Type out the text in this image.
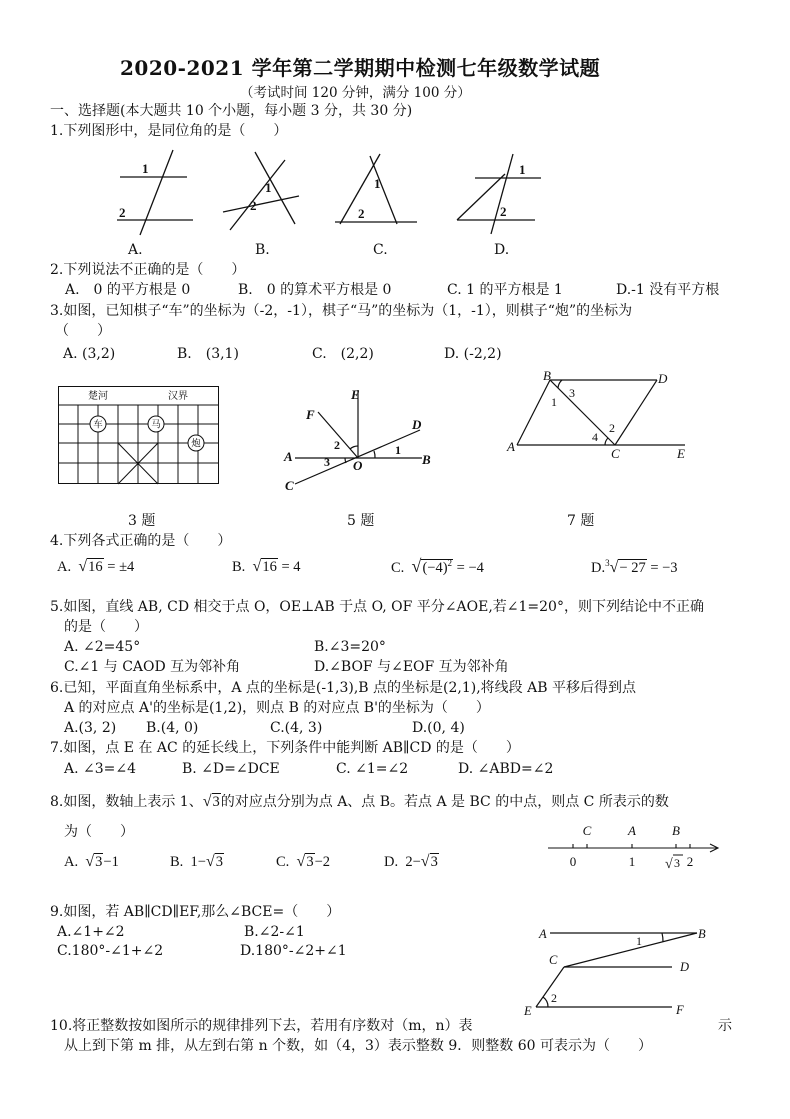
2020-2021 学年第二学期期中检测七年级数学试题
（考试时间 120 分钟，满分 100 分）
一、选择题(本大题共 10 个小题，每小题 3 分，共 30 分)
1.下列图形中，是同位角的是（　　）
1
2
1
2
1
2
1
2
A.	B.	C.	D.
2.下列说法不正确的是（　　）
A.　0 的平方根是 0	B.　0 的算术平方根是 0	C. 1 的平方根是 1	D.-1 没有平方根
3.如图，已知棋子“车”的坐标为（-2，-1），棋子“马”的坐标为（1，-1），则棋子“炮”的坐标为
（　　）
A. (3,2)	B.　(3,1)	C.　(2,2)	D. (-2,2)
楚河	汉界
车	马
炮
E
F
D
A	B
C
O
1
2
3
B	D
A	C	E
1
3
2
4
3 题	5 题	7 题
4.下列各式正确的是（　　）
A. √16 = ±4	B. √16 = 4	C. $√(-4)^2 = -4$	D.$^3$√− 27 = −3
5.如图，直线 AB, CD 相交于点 O，OE⊥AB 于点 O, OF 平分∠AOE,若∠1=20°，则下列结论中不正确
的是（　　）
A. ∠2=45°	B.∠3=20°
C.∠1 与 CAOD 互为邻补角	D.∠BOF 与∠EOF 互为邻补角
6.已知，平面直角坐标系中，A 点的坐标是(-1,3),B 点的坐标是(2,1),将线段 AB 平移后得到点
A 的对应点 A'的坐标是(1,2)，则点 B 的对应点 B'的坐标为（　　）
A.(3, 2) B.(4, 0)	C.(4, 3)	D.(0, 4)
7.如图，点 E 在 AC 的延长线上，下列条件中能判断 AB∥CD 的是（　　）
A. ∠3=∠4	B. ∠D=∠DCE	C. ∠1=∠2	D. ∠ABD=∠2
8.如图，数轴上表示 1、√3的对应点分别为点 A、点 B。若点 A 是 BC 的中点，则点 C 所表示的数
为（　　）
A. √3−1	B. 1−√3	C. √3−2	D. 2−√3
C	A	B
0	1	2
√ 3
9.如图，若 AB∥CD∥EF,那么∠BCE=（　　）
A.∠1+∠2	B.∠2-∠1
C.180°-∠1+∠2	D.180°-∠2+∠1
A	B
C	D
E	F
1
2
10.将正整数按如图所示的规律排列下去，若用有序数对（m，n）表	示
从上到下第 m 排，从左到右第 n 个数，如（4，3）表示整数 9．则整数 60 可表示为（　　）
